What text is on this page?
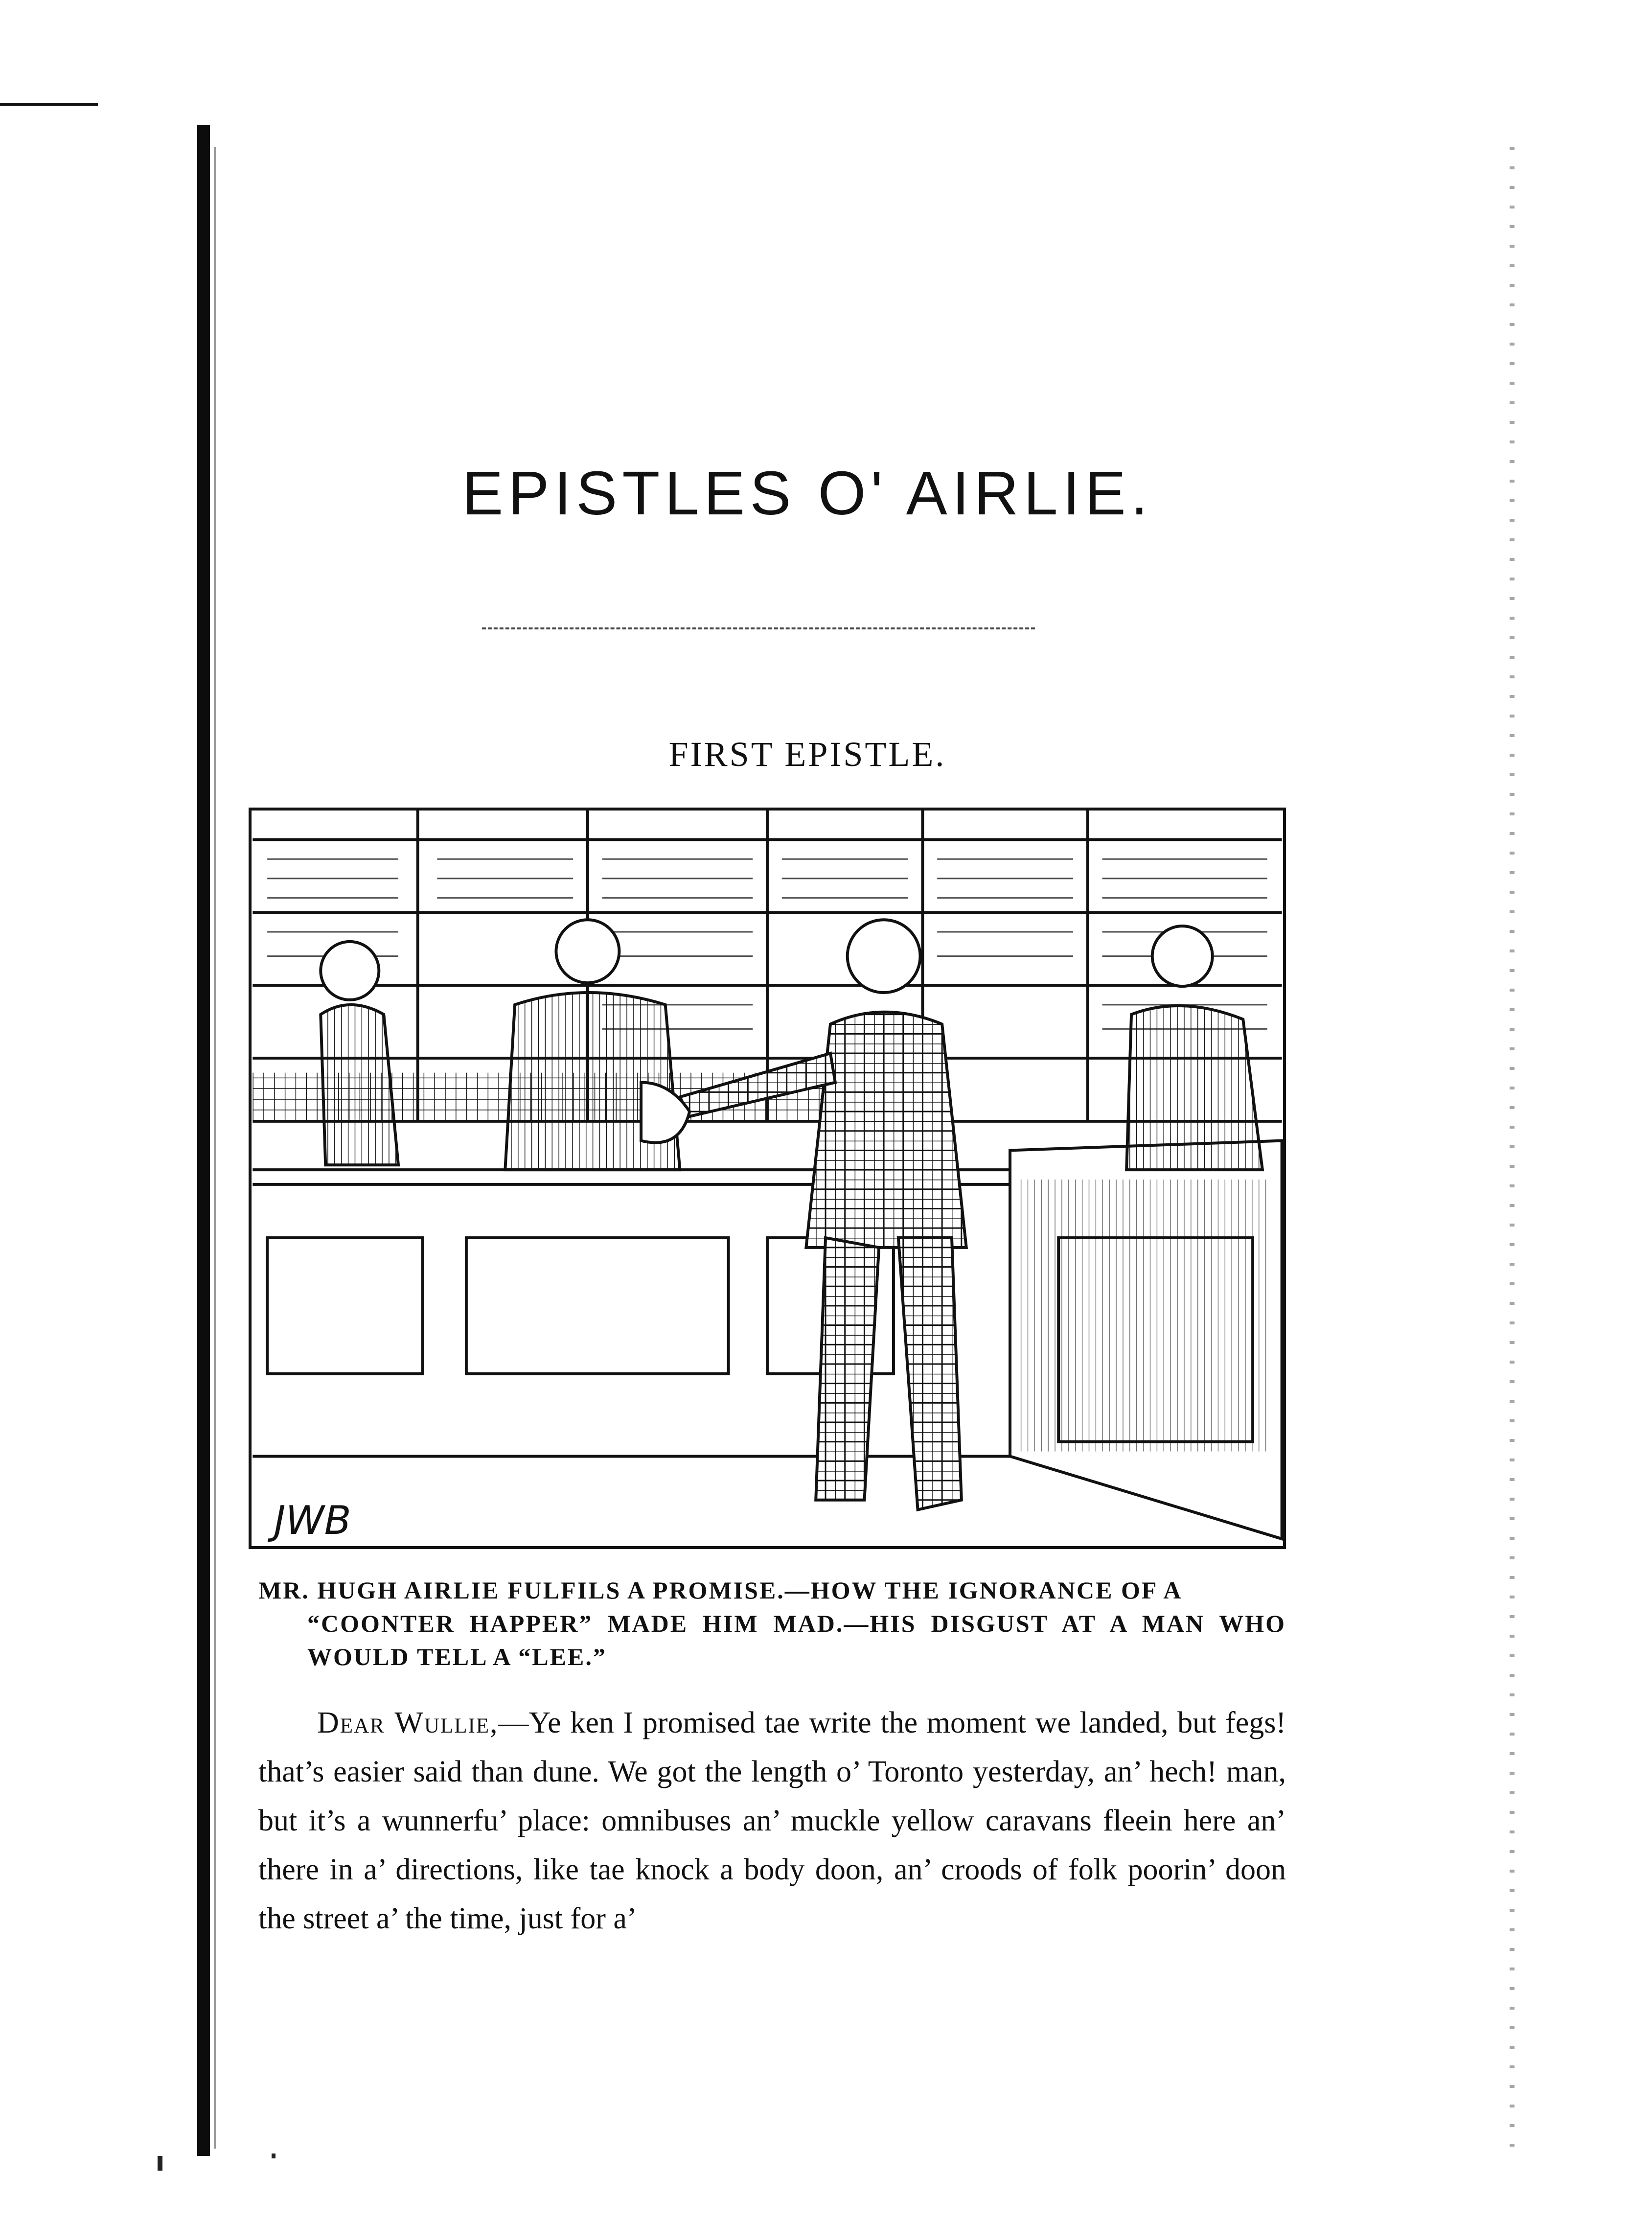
EPISTLES O' AIRLIE.
FIRST EPISTLE.
JWB
MR. HUGH AIRLIE FULFILS A PROMISE.—HOW THE IGNORANCE OF A
“COONTER HAPPER” MADE HIM MAD.—HIS DISGUST AT A MAN WHO WOULD TELL A “LEE.”

Dear Wullie,—Ye ken I promised tae write the moment we landed, but fegs! that’s easier said than dune. We got the length o’ Toronto yesterday, an’ hech! man, but it’s a wunnerfu’ place: omnibuses an’ muckle yellow caravans fleein here an’ there in a’ directions, like tae knock a body doon, an’ croods of folk poorin’ doon the street a’ the time, just for a’
